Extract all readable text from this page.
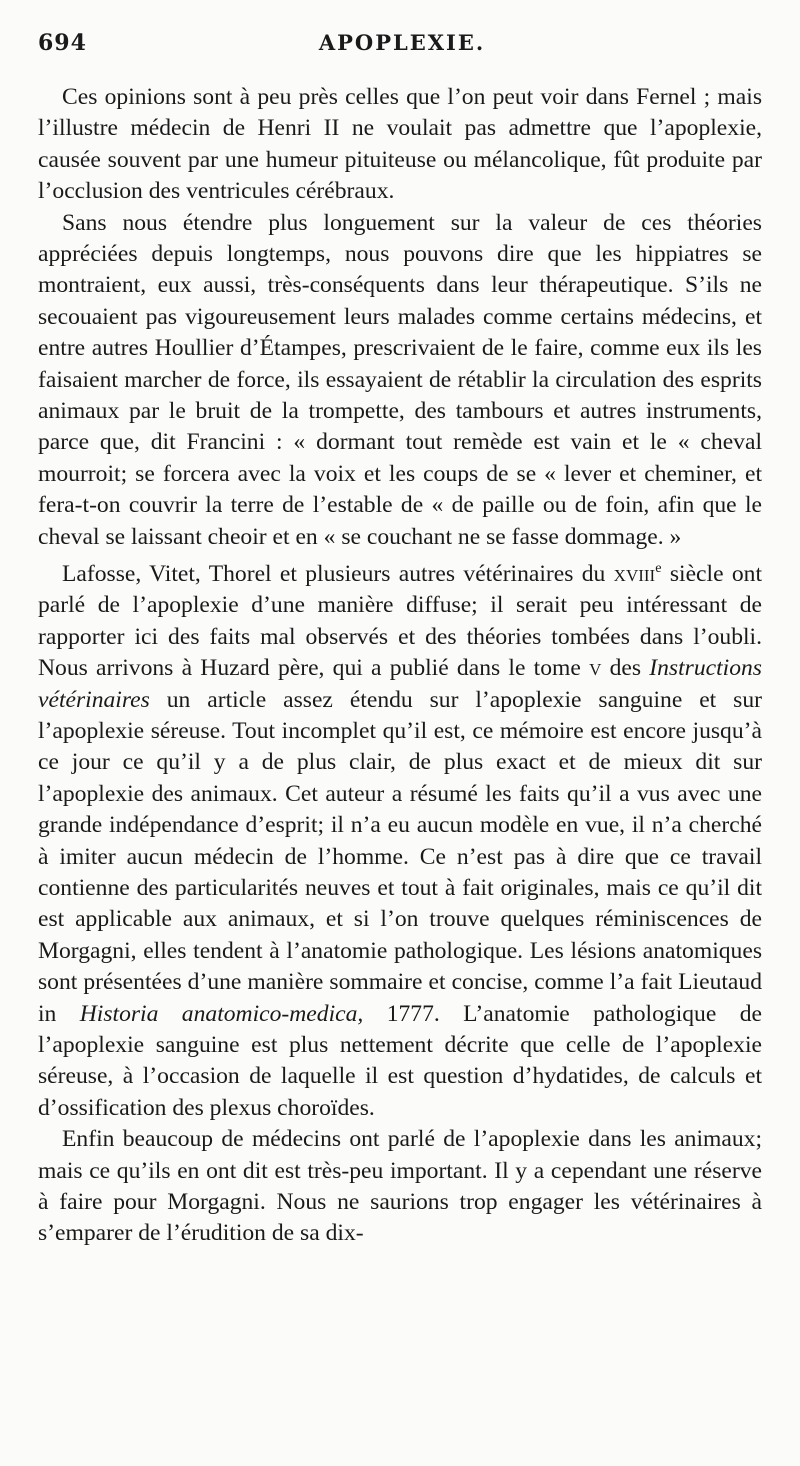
694	APOPLEXIE.

Ces opinions sont à peu près celles que l’on peut voir dans Fernel ; mais l’illustre médecin de Henri II ne voulait pas admettre que l’apoplexie, causée souvent par une humeur pituiteuse ou mélancolique, fût produite par l’occlusion des ventricules cérébraux.

Sans nous étendre plus longuement sur la valeur de ces théories appréciées depuis longtemps, nous pouvons dire que les hippiatres se montraient, eux aussi, très-conséquents dans leur thérapeutique. S’ils ne secouaient pas vigoureusement leurs malades comme certains médecins, et entre autres Houllier d’Étampes, prescrivaient de le faire, comme eux ils les faisaient marcher de force, ils essayaient de rétablir la circulation des esprits animaux par le bruit de la trompette, des tambours et autres instruments, parce que, dit Francini : « dormant tout remède est vain et le « cheval mourroit; se forcera avec la voix et les coups de se « lever et cheminer, et fera-t-on couvrir la terre de l’estable de « de paille ou de foin, afin que le cheval se laissant cheoir et en « se couchant ne se fasse dommage. »

Lafosse, Vitet, Thorel et plusieurs autres vétérinaires du xviii$^e$ siècle ont parlé de l’apoplexie d’une manière diffuse; il serait peu intéressant de rapporter ici des faits mal observés et des théories tombées dans l’oubli. Nous arrivons à Huzard père, qui a publié dans le tome v des Instructions vétérinaires un article assez étendu sur l’apoplexie sanguine et sur l’apoplexie séreuse. Tout incomplet qu’il est, ce mémoire est encore jusqu’à ce jour ce qu’il y a de plus clair, de plus exact et de mieux dit sur l’apoplexie des animaux. Cet auteur a résumé les faits qu’il a vus avec une grande indépendance d’esprit; il n’a eu aucun modèle en vue, il n’a cherché à imiter aucun médecin de l’homme. Ce n’est pas à dire que ce travail contienne des particularités neuves et tout à fait originales, mais ce qu’il dit est applicable aux animaux, et si l’on trouve quelques réminiscences de Morgagni, elles tendent à l’anatomie pathologique. Les lésions anatomiques sont présentées d’une manière sommaire et concise, comme l’a fait Lieutaud in Historia anatomico-medica, 1777. L’anatomie pathologique de l’apoplexie sanguine est plus nettement décrite que celle de l’apoplexie séreuse, à l’occasion de laquelle il est question d’hydatides, de calculs et d’ossification des plexus choroïdes.

Enfin beaucoup de médecins ont parlé de l’apoplexie dans les animaux; mais ce qu’ils en ont dit est très-peu important. Il y a cependant une réserve à faire pour Morgagni. Nous ne saurions trop engager les vétérinaires à s’emparer de l’érudition de sa dix-
